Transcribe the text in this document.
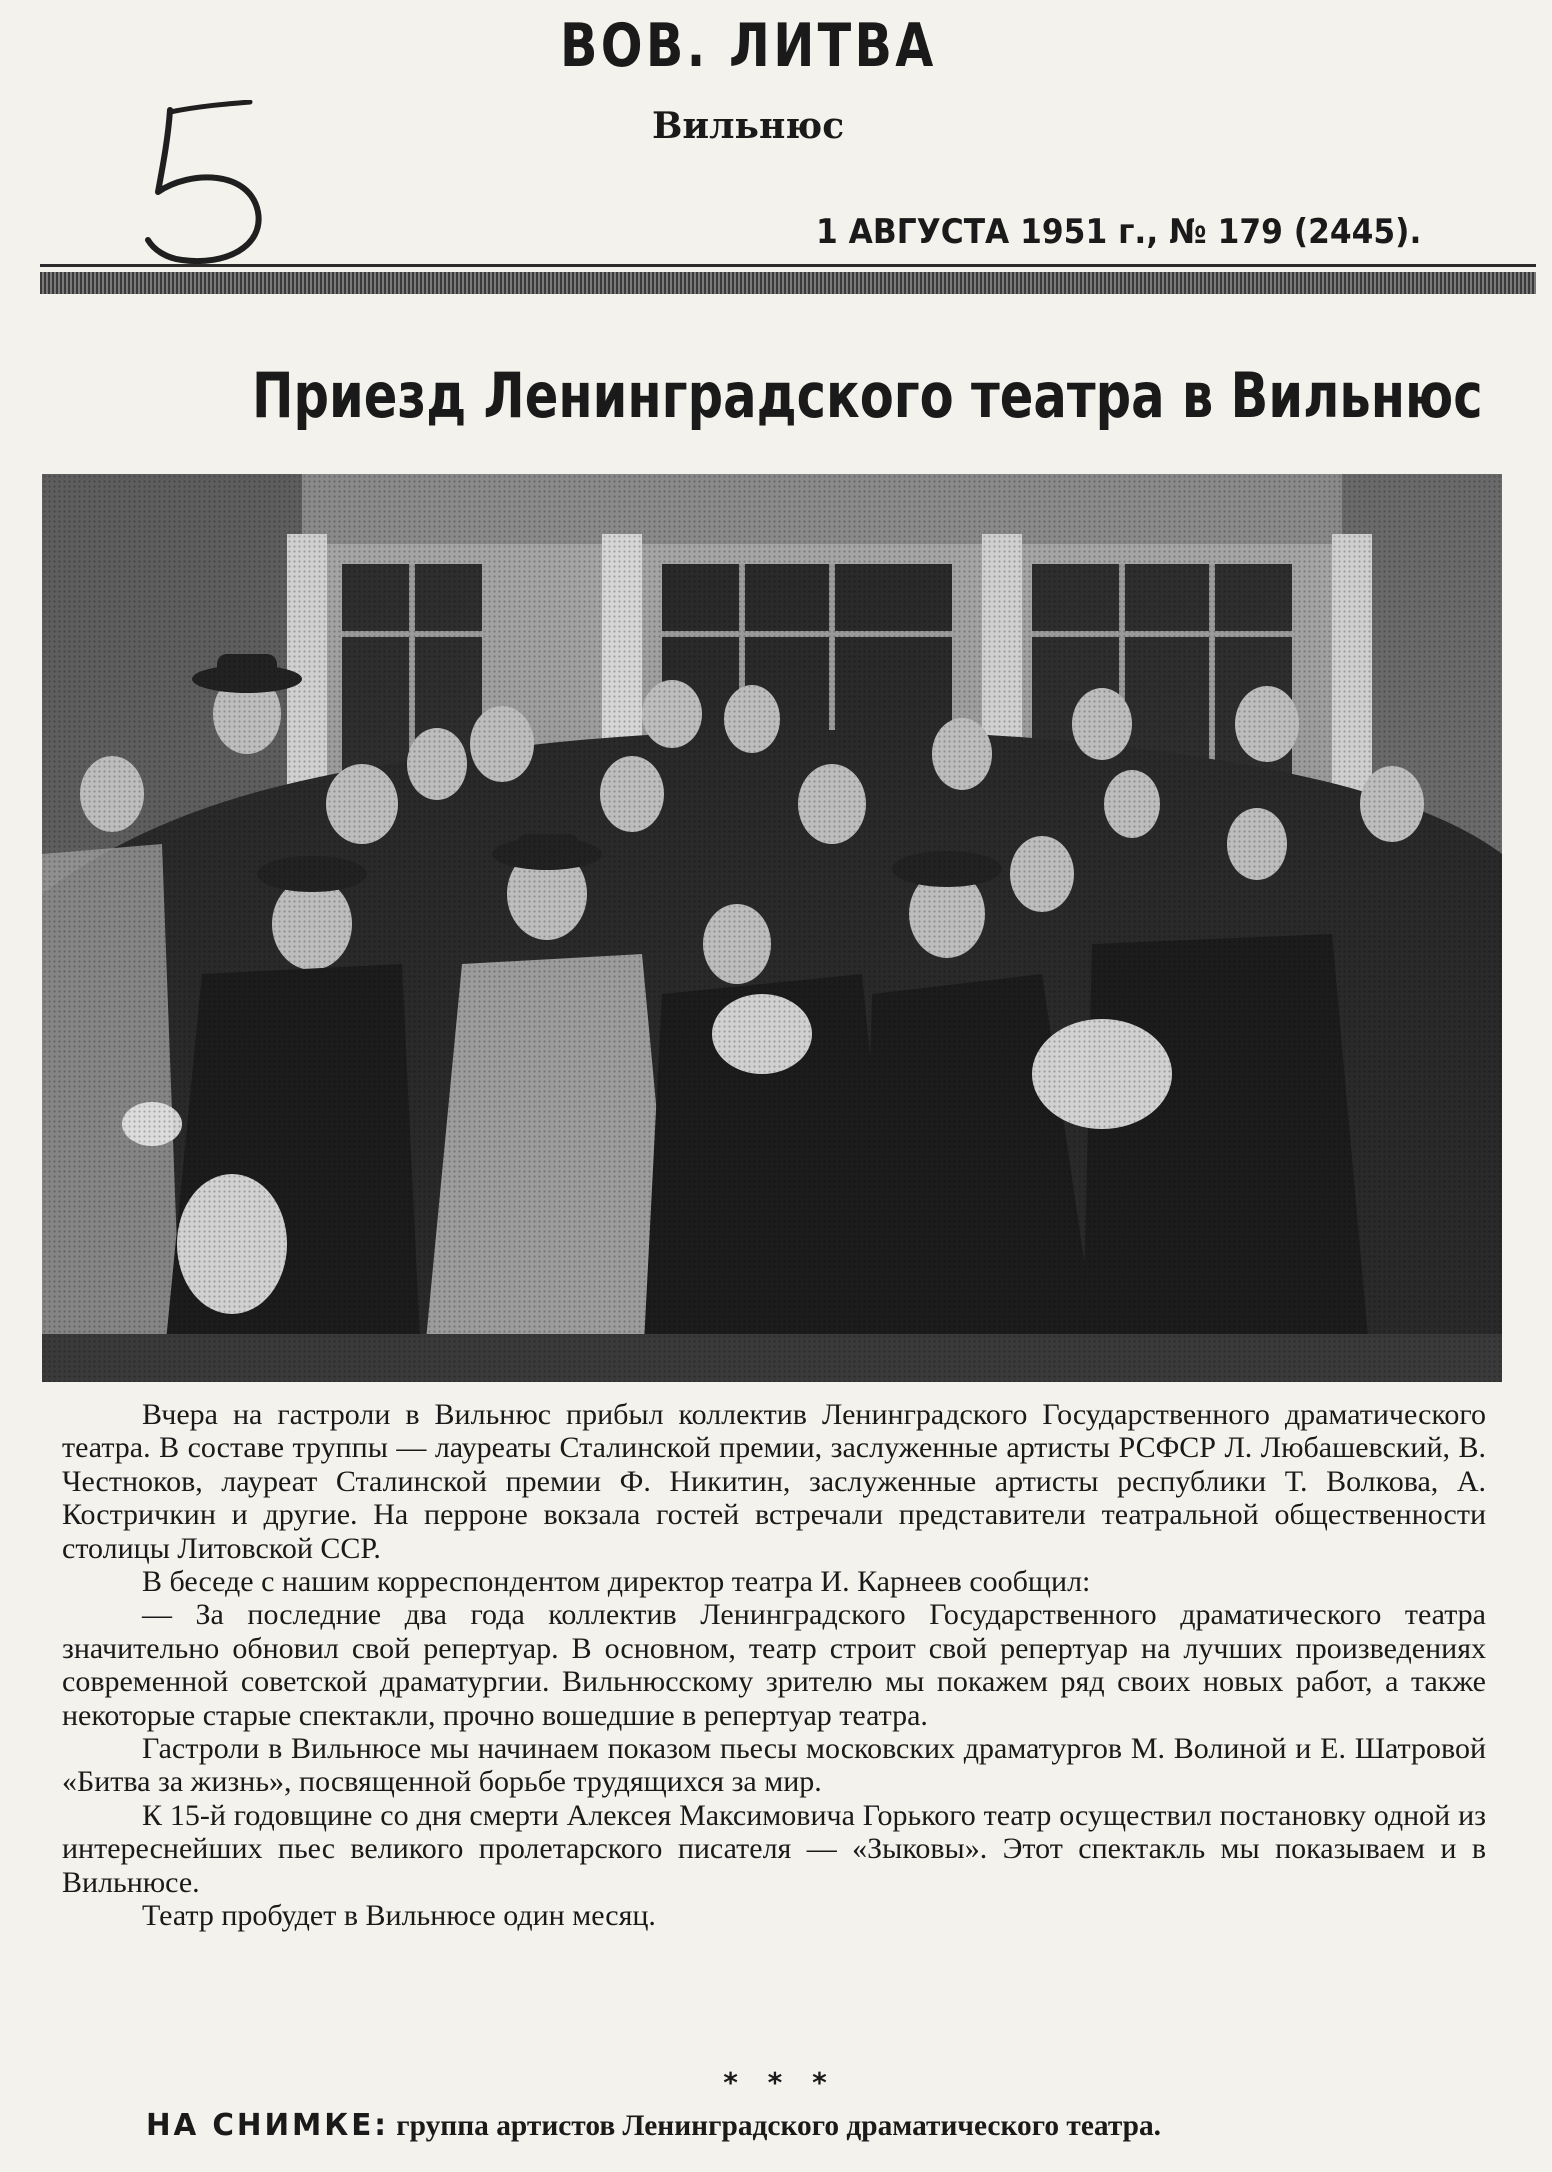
ВОВ. ЛИТВА
Вильнюс
1 АВГУСТА 1951 г., № 179 (2445).
Приезд Ленинградского театра в Вильнюс

Вчера на гастроли в Вильнюс прибыл коллектив Ленинградского Государственного драматического театра. В составе труппы — лауреаты Сталинской премии, заслуженные артисты РСФСР Л. Любашевский, В. Честноков, лауреат Сталинской премии Ф. Никитин, заслуженные артисты республики Т. Волкова, А. Костричкин и другие. На перроне вокзала гостей встречали представители театральной общественности столицы Литовской ССР.

В беседе с нашим корреспондентом директор театра И. Карнеев сообщил:

— За последние два года коллектив Ленинградского Государственного драматического театра значительно обновил свой репертуар. В основном, театр строит свой репертуар на лучших произведениях современной советской драматургии. Вильнюсскому зрителю мы покажем ряд своих новых работ, а также некоторые старые спектакли, прочно вошедшие в репертуар театра.

Гастроли в Вильнюсе мы начинаем показом пьесы московских драматургов М. Волиной и Е. Шатровой «Битва за жизнь», посвященной борьбе трудящихся за мир.

К 15-й годовщине со дня смерти Алексея Максимовича Горького театр осуществил постановку одной из интереснейших пьес великого пролетарского писателя — «Зыковы». Этот спектакль мы показываем и в Вильнюсе.

Театр пробудет в Вильнюсе один месяц.

* * *
НА СНИМКЕ: группа артистов Ленинградского драматического театра.
